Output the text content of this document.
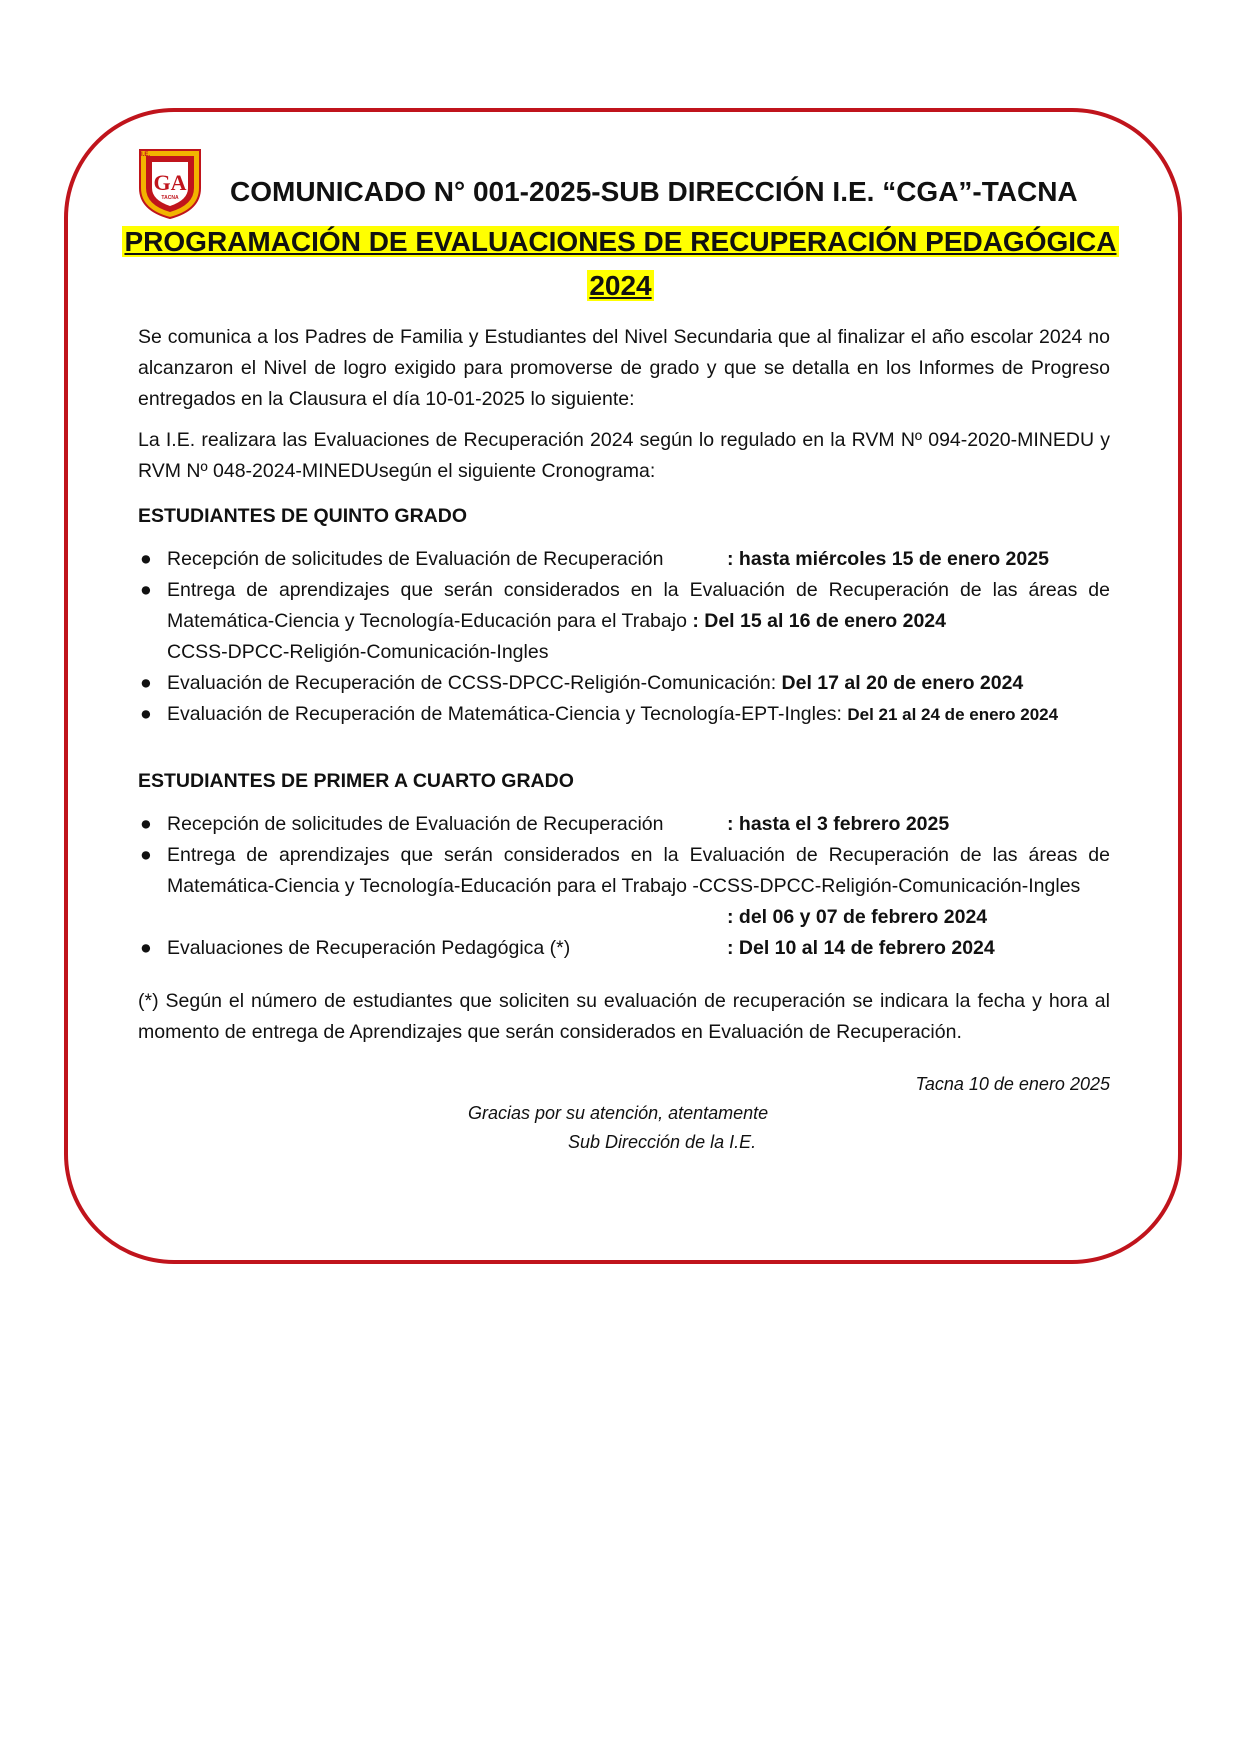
I.E.
GA
TACNA COMUNICADO N° 001-2025-SUB DIRECCIÓN I.E. “CGA”-TACNA
PROGRAMACIÓN DE EVALUACIONES DE RECUPERACIÓN PEDAGÓGICA
2024

Se comunica a los Padres de Familia y Estudiantes del Nivel Secundaria que al finalizar el año escolar 2024 no alcanzaron el Nivel de logro exigido para promoverse de grado y que se detalla en los Informes de Progreso entregados en la Clausura el día 10-01-2025 lo siguiente:

La I.E. realizara las Evaluaciones de Recuperación 2024 según lo regulado en la RVM Nº 094-2020-MINEDU y RVM Nº 048-2024-MINEDUsegún el siguiente Cronograma:

ESTUDIANTES DE QUINTO GRADO
● Recepción de solicitudes de Evaluación de Recuperación	: hasta miércoles 15 de enero 2025
● Entrega de aprendizajes que serán considerados en la Evaluación de Recuperación de las áreas de Matemática-Ciencia y Tecnología-Educación para el Trabajo : Del 15 al 16 de enero 2024
CCSS-DPCC-Religión-Comunicación-Ingles
● Evaluación de Recuperación de CCSS-DPCC-Religión-Comunicación: Del 17 al 20 de enero 2024
● Evaluación de Recuperación de Matemática-Ciencia y Tecnología-EPT-Ingles: Del 21 al 24 de enero 2024
ESTUDIANTES DE PRIMER A CUARTO GRADO
● Recepción de solicitudes de Evaluación de Recuperación	: hasta el 3 febrero 2025
● Entrega de aprendizajes que serán considerados en la Evaluación de Recuperación de las áreas de Matemática-Ciencia y Tecnología-Educación para el Trabajo -CCSS-DPCC-Religión-Comunicación-Ingles
: del 06 y 07 de febrero 2024
● Evaluaciones de Recuperación Pedagógica (*)	: Del 10 al 14 de febrero 2024

(*) Según el número de estudiantes que soliciten su evaluación de recuperación se indicara la fecha y hora al momento de entrega de Aprendizajes que serán considerados en Evaluación de Recuperación.

Tacna 10 de enero 2025
Gracias por su atención, atentamente
Sub Dirección de la I.E.
